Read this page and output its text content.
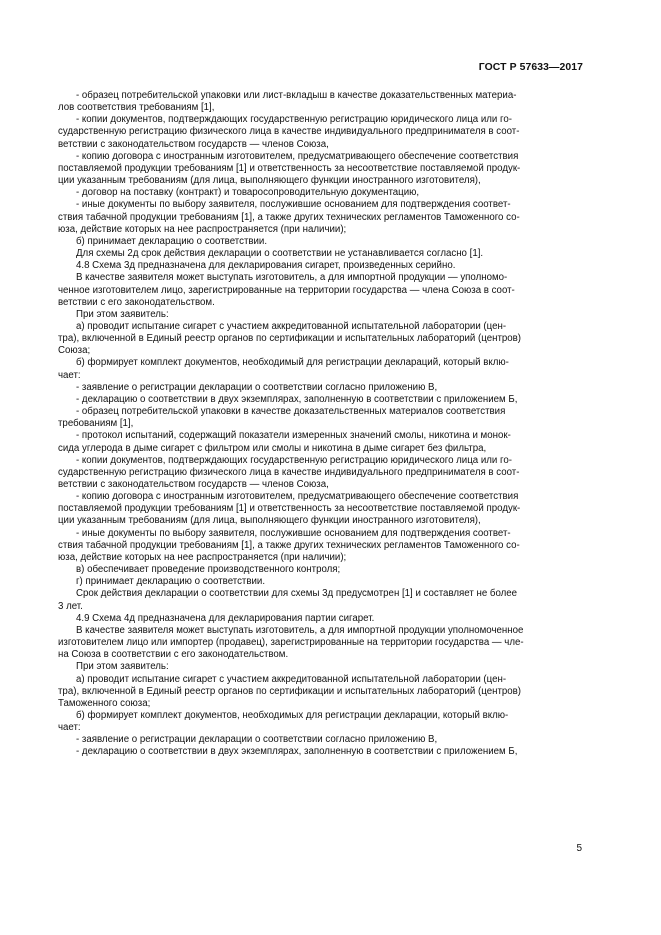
ГОСТ Р 57633—2017

- образец потребительской упаковки или лист-вкладыш в качестве доказательственных материа-
лов соответствия требованиям [1],

- копии документов, подтверждающих государственную регистрацию юридического лица или го-
сударственную регистрацию физического лица в качестве индивидуального предпринимателя в соот-
ветствии с законодательством государств — членов Союза,

- копию договора с иностранным изготовителем, предусматривающего обеспечение соответствия
поставляемой продукции требованиям [1] и ответственность за несоответствие поставляемой продук-
ции указанным требованиям (для лица, выполняющего функции иностранного изготовителя),

- договор на поставку (контракт) и товаросопроводительную документацию,

- иные документы по выбору заявителя, послужившие основанием для подтверждения соответ-
ствия табачной продукции требованиям [1], а также других технических регламентов Таможенного со-
юза, действие которых на нее распространяется (при наличии);

б) принимает декларацию о соответствии.

Для схемы 2д срок действия декларации о соответствии не устанавливается согласно [1].

4.8 Схема 3д предназначена для декларирования сигарет, произведенных серийно.

В качестве заявителя может выступать изготовитель, а для импортной продукции — уполномо-
ченное изготовителем лицо, зарегистрированные на территории государства — члена Союза в соот-
ветствии с его законодательством.

При этом заявитель:

а) проводит испытание сигарет с участием аккредитованной испытательной лаборатории (цен-
тра), включенной в Единый реестр органов по сертификации и испытательных лабораторий (центров)
Союза;

б) формирует комплект документов, необходимый для регистрации деклараций, который вклю-
чает:

- заявление о регистрации декларации о соответствии согласно приложению В,

- декларацию о соответствии в двух экземплярах, заполненную в соответствии с приложением Б,

- образец потребительской упаковки в качестве доказательственных материалов соответствия
требованиям [1],

- протокол испытаний, содержащий показатели измеренных значений смолы, никотина и монок-
сида углерода в дыме сигарет с фильтром или смолы и никотина в дыме сигарет без фильтра,

- копии документов, подтверждающих государственную регистрацию юридического лица или го-
сударственную регистрацию физического лица в качестве индивидуального предпринимателя в соот-
ветствии с законодательством государств — членов Союза,

- копию договора с иностранным изготовителем, предусматривающего обеспечение соответствия
поставляемой продукции требованиям [1] и ответственность за несоответствие поставляемой продук-
ции указанным требованиям (для лица, выполняющего функции иностранного изготовителя),

- иные документы по выбору заявителя, послужившие основанием для подтверждения соответ-
ствия табачной продукции требованиям [1], а также других технических регламентов Таможенного со-
юза, действие которых на нее распространяется (при наличии);

в) обеспечивает проведение производственного контроля;

г) принимает декларацию о соответствии.

Срок действия декларации о соответствии для схемы 3д предусмотрен [1] и составляет не более
3 лет.

4.9 Схема 4д предназначена для декларирования партии сигарет.

В качестве заявителя может выступать изготовитель, а для импортной продукции уполномоченное
изготовителем лицо или импортер (продавец), зарегистрированные на территории государства — чле-
на Союза в соответствии с его законодательством.

При этом заявитель:

а) проводит испытание сигарет с участием аккредитованной испытательной лаборатории (цен-
тра), включенной в Единый реестр органов по сертификации и испытательных лабораторий (центров)
Таможенного союза;

б) формирует комплект документов, необходимых для регистрации декларации, который вклю-
чает:

- заявление о регистрации декларации о соответствии согласно приложению В,

- декларацию о соответствии в двух экземплярах, заполненную в соответствии с приложением Б,

5
